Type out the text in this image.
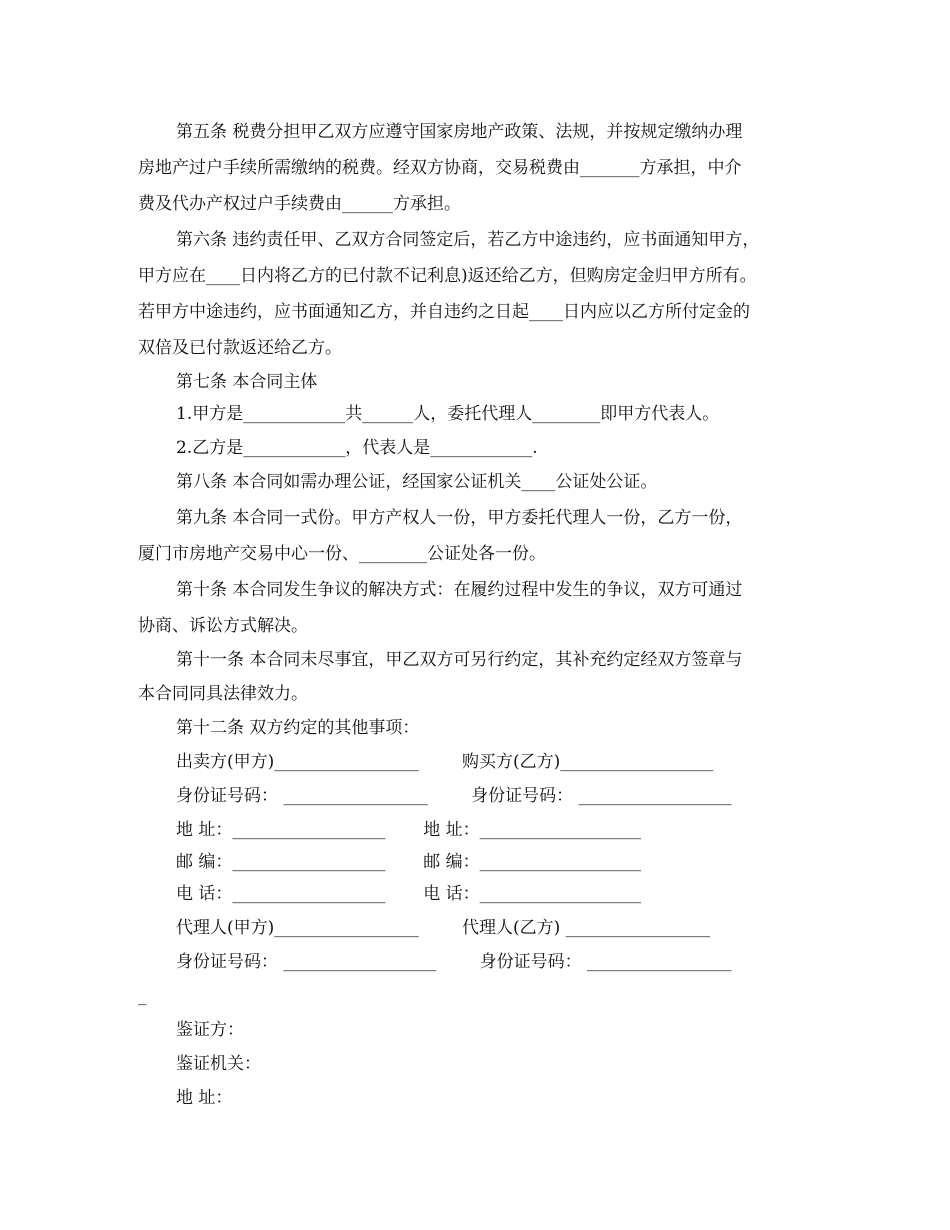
第五条 税费分担甲乙双方应遵守国家房地产政策、法规，并按规定缴纳办理

房地产过户手续所需缴纳的税费。经双方协商，交易税费由_______方承担，中介

费及代办产权过户手续费由______方承担。

第六条 违约责任甲、乙双方合同签定后，若乙方中途违约，应书面通知甲方，

甲方应在____日内将乙方的已付款不记利息)返还给乙方，但购房定金归甲方所有。

若甲方中途违约，应书面通知乙方，并自违约之日起____日内应以乙方所付定金的

双倍及已付款返还给乙方。

第七条 本合同主体

1.甲方是____________共______人，委托代理人________即甲方代表人。

2.乙方是____________，代表人是____________.

第八条 本合同如需办理公证，经国家公证机关____公证处公证。

第九条 本合同一式份。甲方产权人一份，甲方委托代理人一份，乙方一份，

厦门市房地产交易中心一份、________公证处各一份。

第十条 本合同发生争议的解决方式：在履约过程中发生的争议，双方可通过

协商、诉讼方式解决。

第十一条 本合同未尽事宜，甲乙双方可另行约定，其补充约定经双方签章与

本合同同具法律效力。

第十二条 双方约定的其他事项：

出卖方(甲方)_________________        购买方(乙方)__________________

身份证号码： _________________        身份证号码： __________________

地 址：__________________       地 址：___________________

邮 编：__________________       邮 编：___________________

电 话：__________________       电 话：___________________

代理人(甲方)_________________        代理人(乙方) _________________

身份证号码： __________________        身份证号码： _________________

_

鉴证方：

鉴证机关：

地 址：
